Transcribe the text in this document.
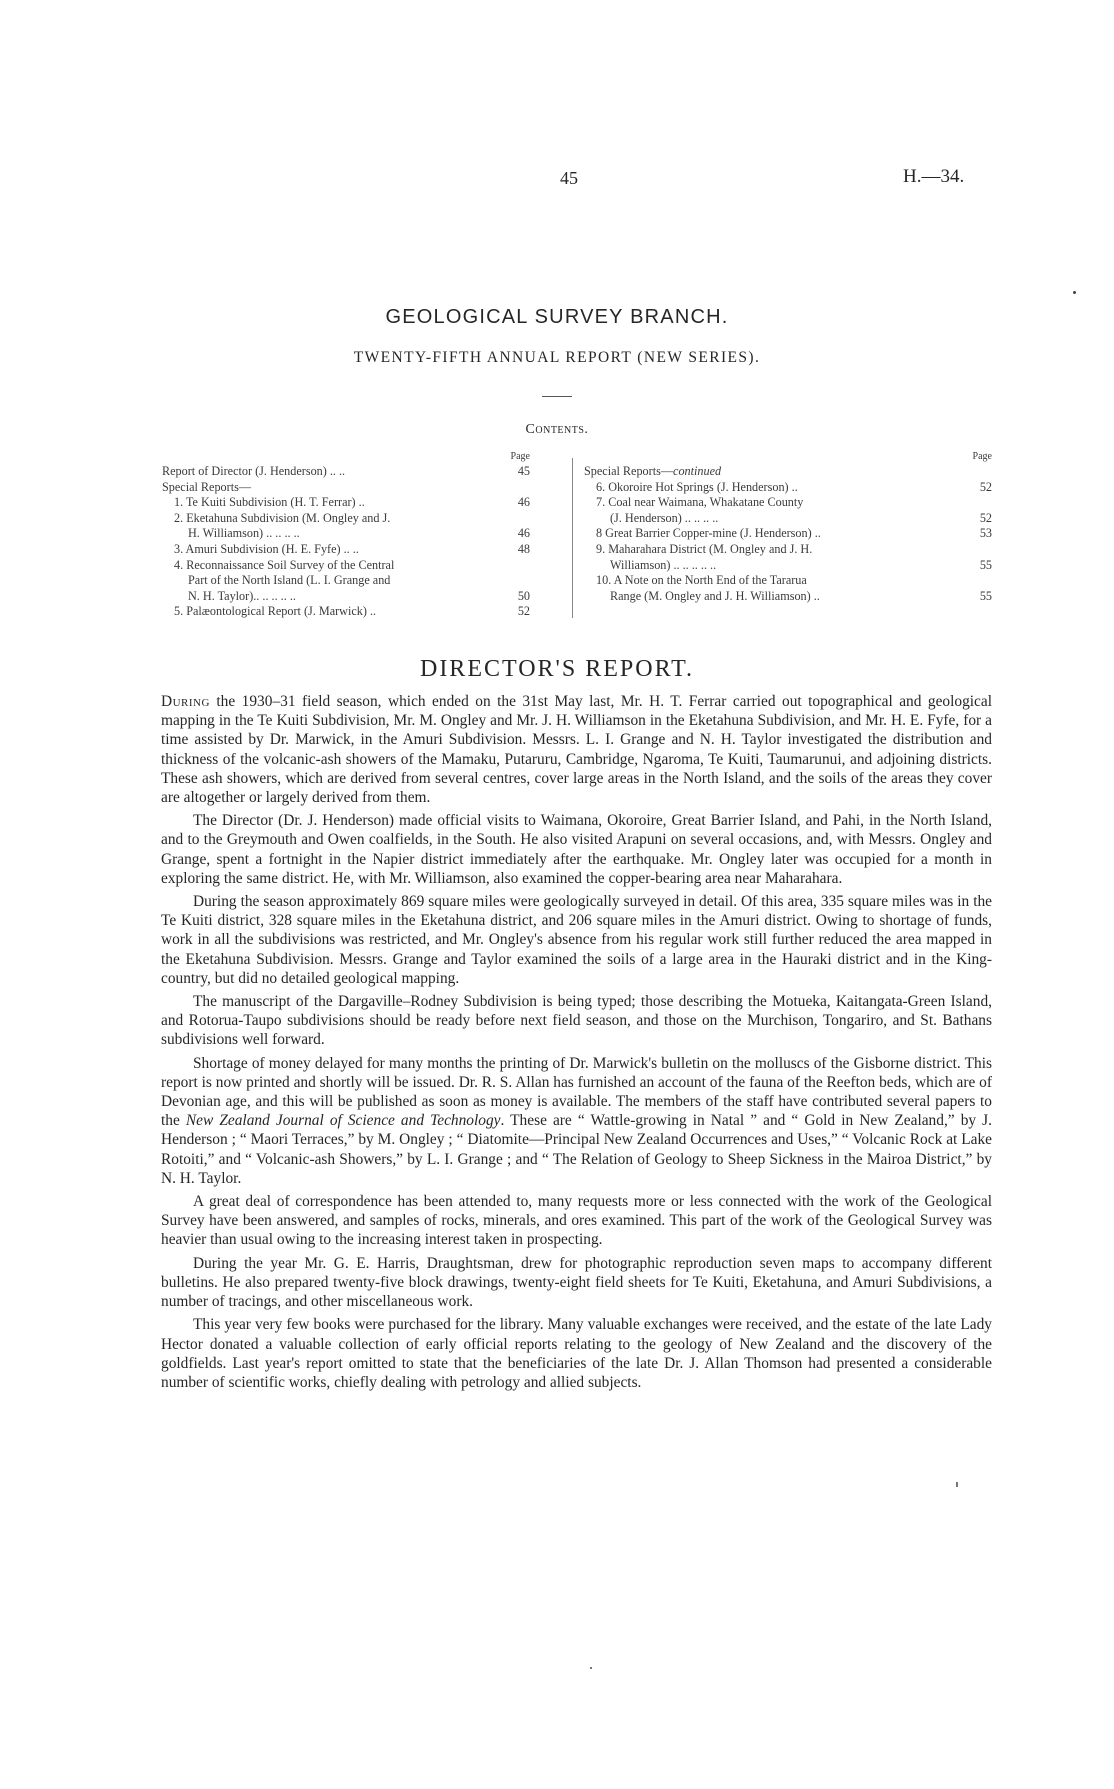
45	H.—34.
GEOLOGICAL SURVEY BRANCH.
TWENTY-FIFTH ANNUAL REPORT (NEW SERIES).
Contents.
Page
Report of Director (J. Henderson) .. ..	45
Special Reports—
1. Te Kuiti Subdivision (H. T. Ferrar) ..	46
2. Eketahuna Subdivision (M. Ongley and J.
H. Williamson) .. .. .. ..	46
3. Amuri Subdivision (H. E. Fyfe) .. ..	48
4. Reconnaissance Soil Survey of the Central
Part of the North Island (L. I. Grange and
N. H. Taylor).. .. .. .. ..	50
5. Palæontological Report (J. Marwick) ..	52
Page
Special Reports—continued
6. Okoroire Hot Springs (J. Henderson) ..	52
7. Coal near Waimana, Whakatane County
(J. Henderson) .. .. .. ..	52
8 Great Barrier Copper-mine (J. Henderson) ..	53
9. Maharahara District (M. Ongley and J. H.
Williamson) .. .. .. .. ..	55
10. A Note on the North End of the Tararua
Range (M. Ongley and J. H. Williamson) ..	55
DIRECTOR'S REPORT.

During the 1930–31 field season, which ended on the 31st May last, Mr. H. T. Ferrar carried out topographical and geological mapping in the Te Kuiti Subdivision, Mr. M. Ongley and Mr. J. H. Williamson in the Eketahuna Subdivision, and Mr. H. E. Fyfe, for a time assisted by Dr. Marwick, in the Amuri Subdivision. Messrs. L. I. Grange and N. H. Taylor investigated the distribution and thickness of the volcanic-ash showers of the Mamaku, Putaruru, Cambridge, Ngaroma, Te Kuiti, Taumarunui, and adjoining districts. These ash showers, which are derived from several centres, cover large areas in the North Island, and the soils of the areas they cover are altogether or largely derived from them.

The Director (Dr. J. Henderson) made official visits to Waimana, Okoroire, Great Barrier Island, and Pahi, in the North Island, and to the Greymouth and Owen coalfields, in the South. He also visited Arapuni on several occasions, and, with Messrs. Ongley and Grange, spent a fortnight in the Napier district immediately after the earthquake. Mr. Ongley later was occupied for a month in exploring the same district. He, with Mr. Williamson, also examined the copper-bearing area near Maharahara.

During the season approximately 869 square miles were geologically surveyed in detail. Of this area, 335 square miles was in the Te Kuiti district, 328 square miles in the Eketahuna district, and 206 square miles in the Amuri district. Owing to shortage of funds, work in all the subdivisions was restricted, and Mr. Ongley's absence from his regular work still further reduced the area mapped in the Eketahuna Subdivision. Messrs. Grange and Taylor examined the soils of a large area in the Hauraki district and in the King-country, but did no detailed geological mapping.

The manuscript of the Dargaville–Rodney Subdivision is being typed; those describing the Motueka, Kaitangata-Green Island, and Rotorua-Taupo subdivisions should be ready before next field season, and those on the Murchison, Tongariro, and St. Bathans subdivisions well forward.

Shortage of money delayed for many months the printing of Dr. Marwick's bulletin on the molluscs of the Gisborne district. This report is now printed and shortly will be issued. Dr. R. S. Allan has furnished an account of the fauna of the Reefton beds, which are of Devonian age, and this will be published as soon as money is available. The members of the staff have contributed several papers to the New Zealand Journal of Science and Technology. These are “ Wattle-growing in Natal ” and “ Gold in New Zealand,” by J. Henderson ; “ Maori Terraces,” by M. Ongley ; “ Diatomite—Principal New Zealand Occurrences and Uses,” “ Volcanic Rock at Lake Rotoiti,” and “ Volcanic-ash Showers,” by L. I. Grange ; and “ The Relation of Geology to Sheep Sickness in the Mairoa District,” by N. H. Taylor.

A great deal of correspondence has been attended to, many requests more or less connected with the work of the Geological Survey have been answered, and samples of rocks, minerals, and ores examined. This part of the work of the Geological Survey was heavier than usual owing to the increasing interest taken in prospecting.

During the year Mr. G. E. Harris, Draughtsman, drew for photographic reproduction seven maps to accompany different bulletins. He also prepared twenty-five block drawings, twenty-eight field sheets for Te Kuiti, Eketahuna, and Amuri Subdivisions, a number of tracings, and other miscellaneous work.

This year very few books were purchased for the library. Many valuable exchanges were received, and the estate of the late Lady Hector donated a valuable collection of early official reports relating to the geology of New Zealand and the discovery of the goldfields. Last year's report omitted to state that the beneficiaries of the late Dr. J. Allan Thomson had presented a considerable number of scientific works, chiefly dealing with petrology and allied subjects.
